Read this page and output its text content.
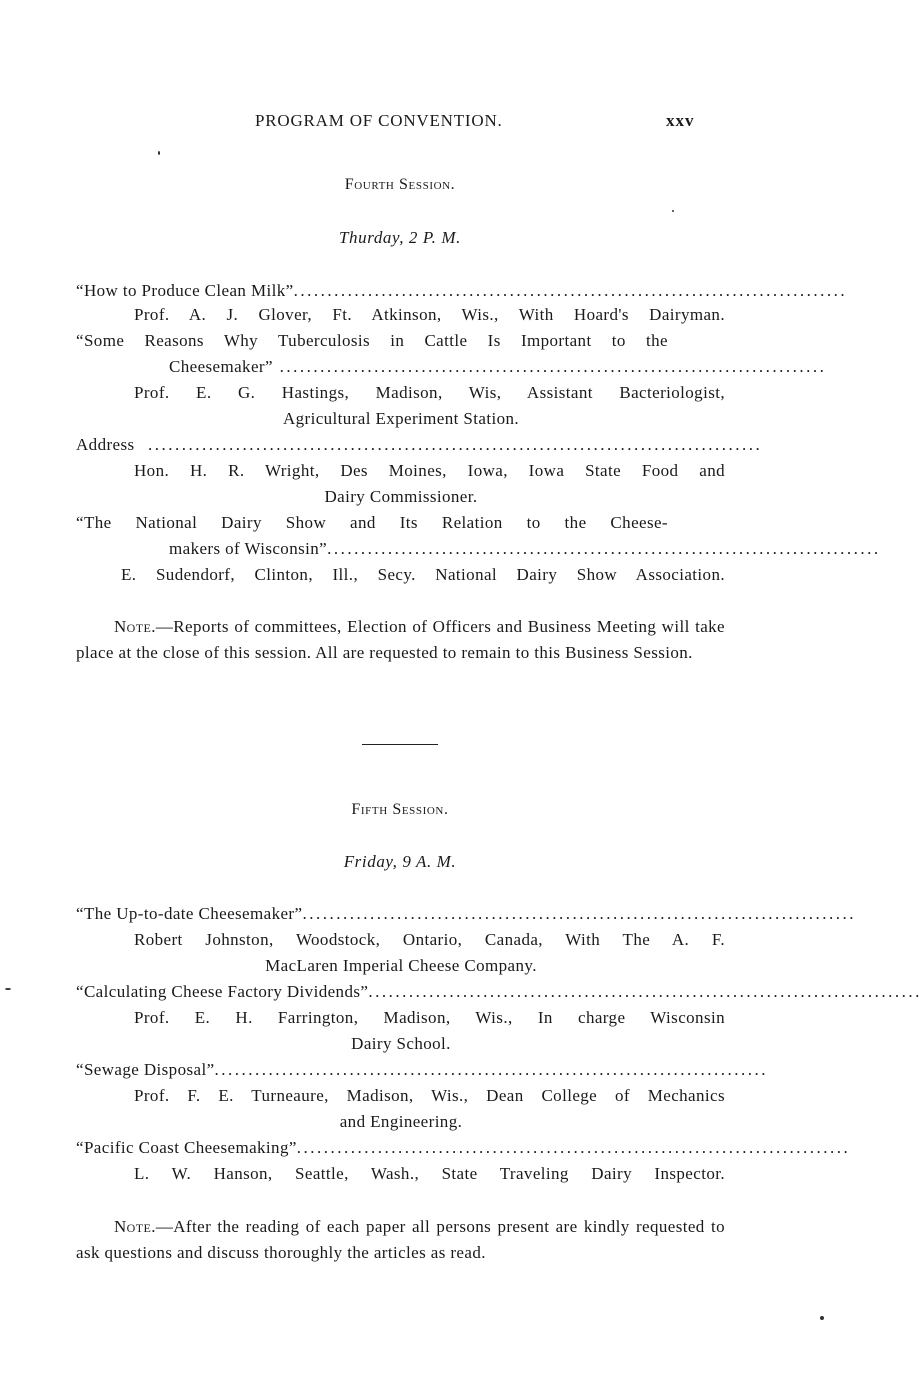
PROGRAM OF CONVENTION.	xxv
Fourth Session.
Thurday, 2 P. M.
“How to Produce Clean Milk” ..................................................................................
Prof. A. J. Glover, Ft. Atkinson, Wis., With Hoard's Dairyman.
“Some Reasons Why Tuberculosis in Cattle Is Important to the
Cheesemaker” .................................................................................
Prof. E. G. Hastings, Madison, Wis, Assistant Bacteriologist,
Agricultural Experiment Station.
Address ...........................................................................................
Hon. H. R. Wright, Des Moines, Iowa, Iowa State Food and
Dairy Commissioner.
“The National Dairy Show and Its Relation to the Cheese-
makers of Wisconsin” ..................................................................................
E. Sudendorf, Clinton, Ill., Secy. National Dairy Show Association.

Note.—Reports of committees, Election of Officers and Business Meeting will take place at the close of this session. All are requested to remain to this Business Session.

Fifth Session.
Friday, 9 A. M.
“The Up-to-date Cheesemaker” ..................................................................................
Robert Johnston, Woodstock, Ontario, Canada, With The A. F.
MacLaren Imperial Cheese Company.
“Calculating Cheese Factory Dividends” ..................................................................................
Prof. E. H. Farrington, Madison, Wis., In charge Wisconsin
Dairy School.
“Sewage Disposal” ..................................................................................
Prof. F. E. Turneaure, Madison, Wis., Dean College of Mechanics
and Engineering.
“Pacific Coast Cheesemaking” ..................................................................................
L. W. Hanson, Seattle, Wash., State Traveling Dairy Inspector.

Note.—After the reading of each paper all persons present are kindly requested to ask questions and discuss thoroughly the articles as read.
